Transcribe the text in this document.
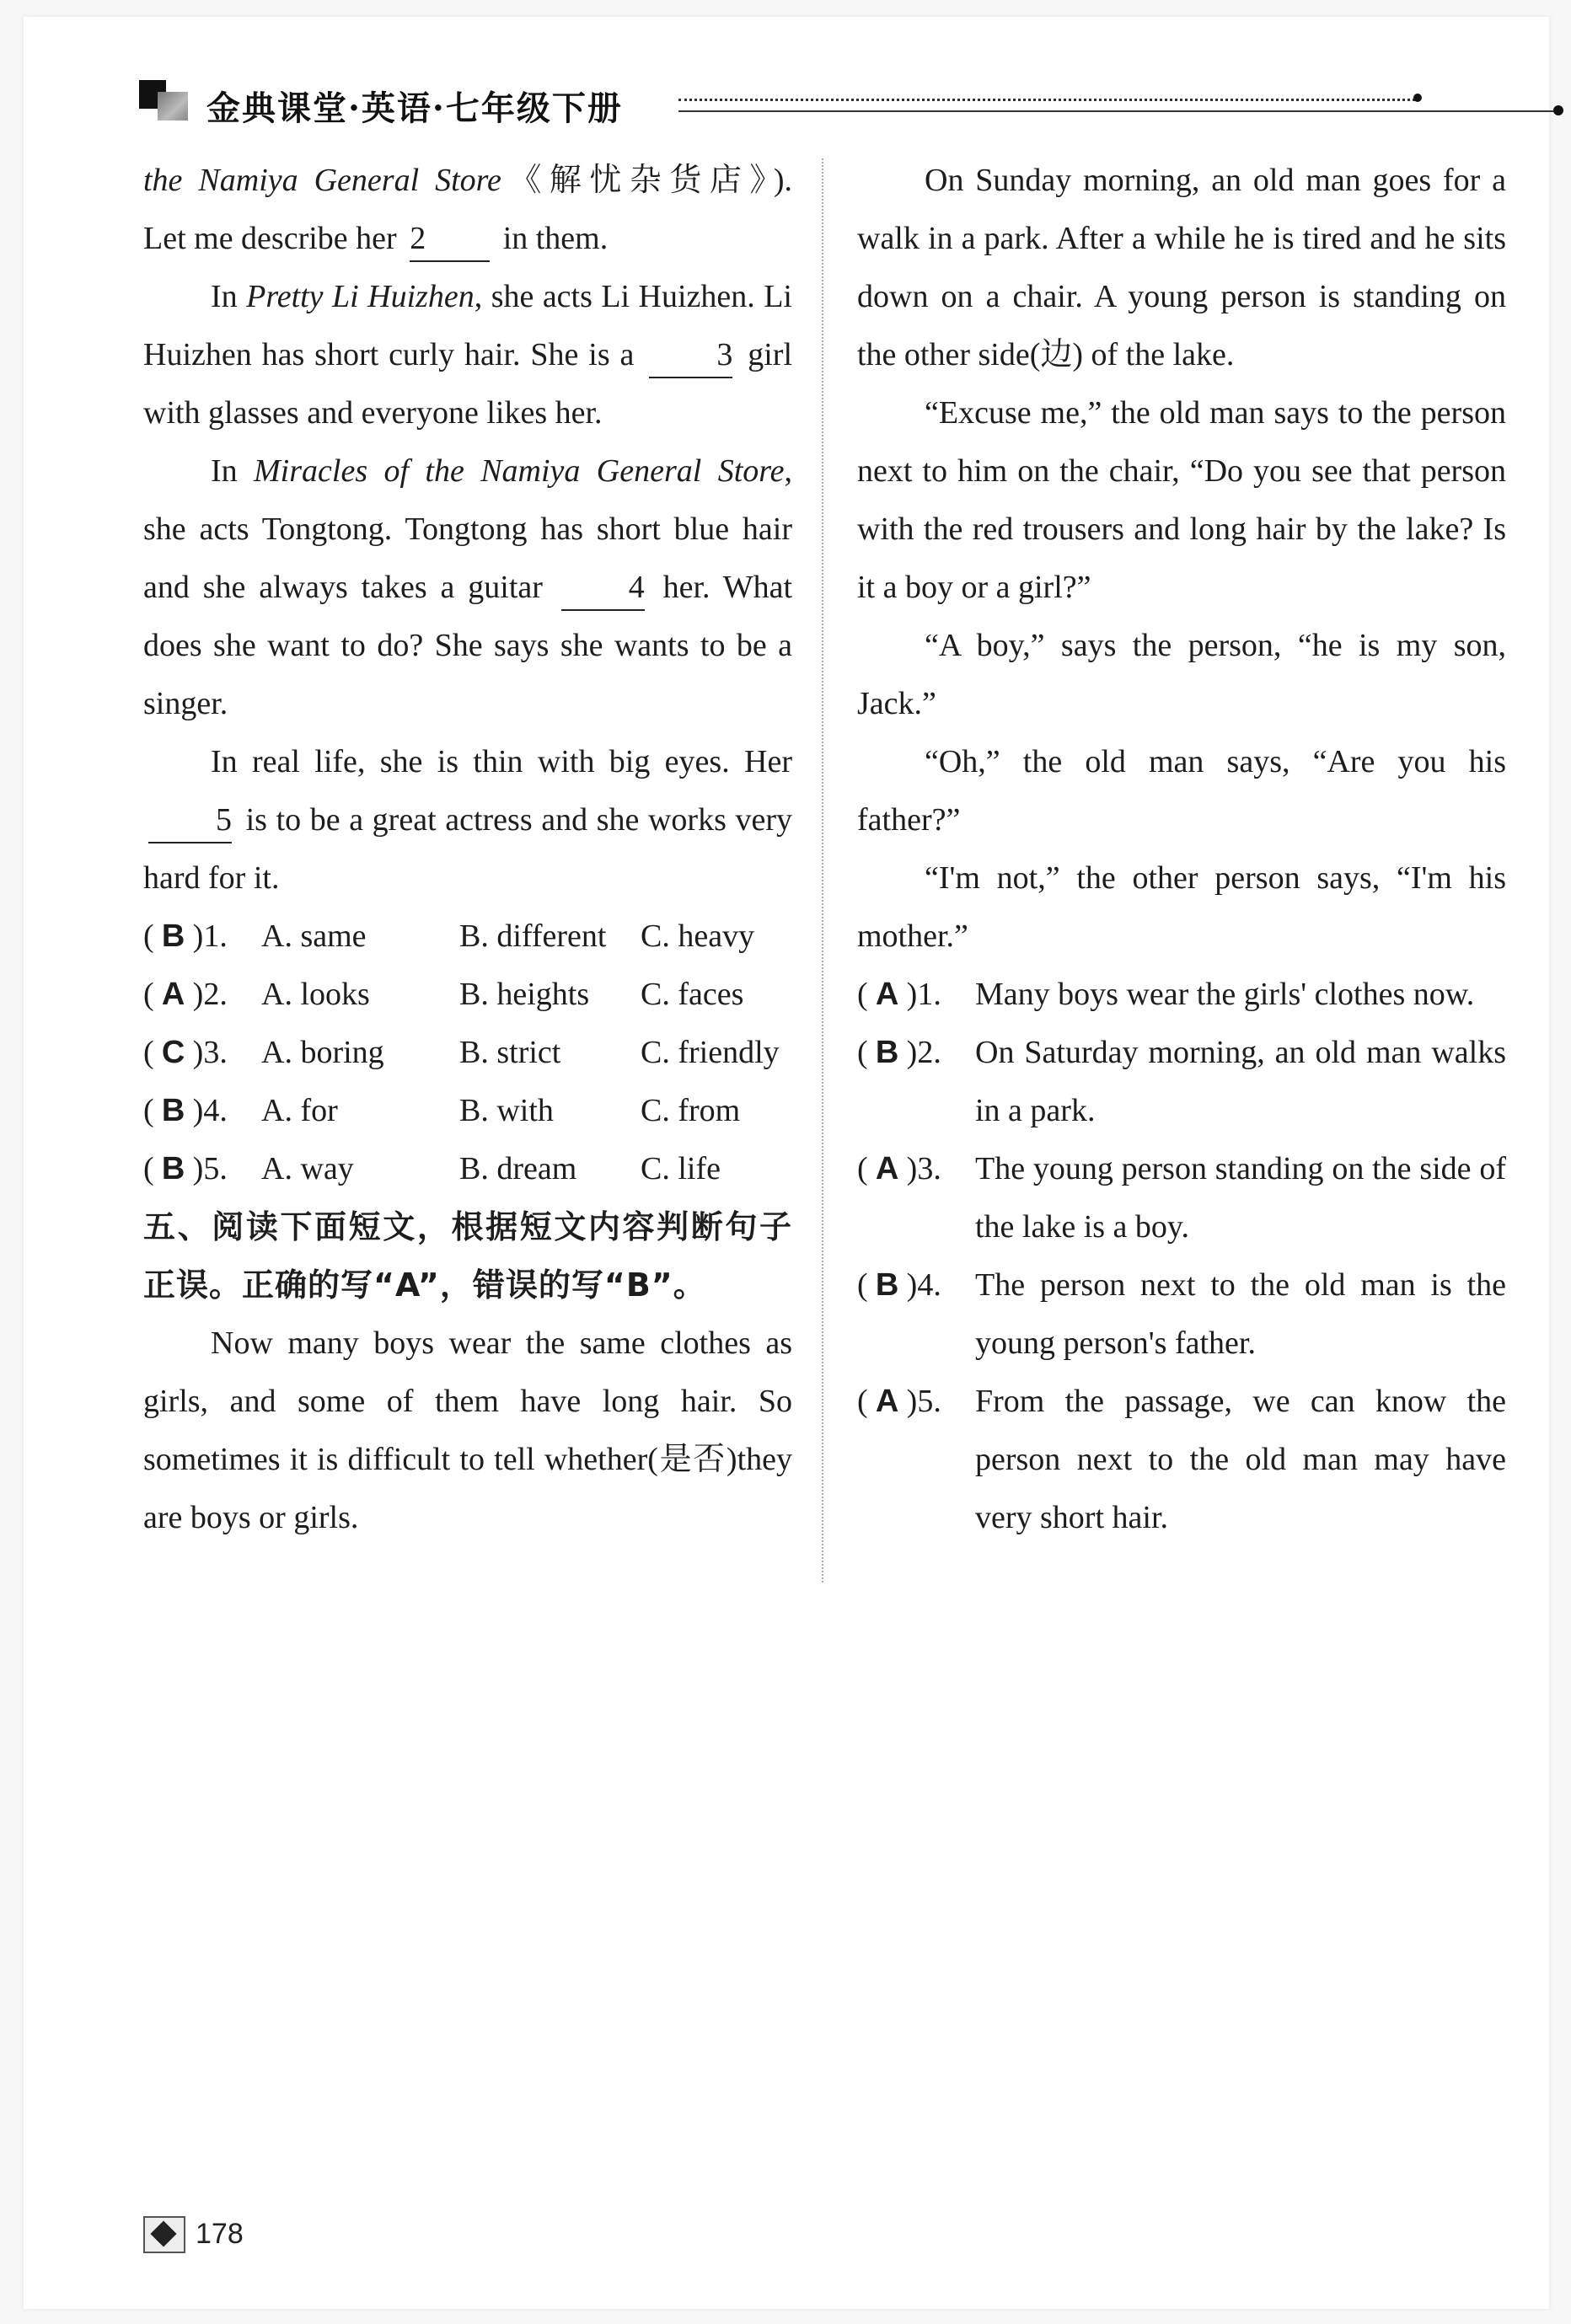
金典课堂·英语·七年级下册

the Namiya General Store《解忧杂货店》).

Let me describe her 2 in them.

In Pretty Li Huizhen, she acts Li Huizhen. Li Huizhen has short curly hair. She is a	3 girl with glasses and everyone likes her.

In Miracles of the Namiya General Store, she acts Tongtong. Tongtong has short blue hair and she always takes a guitar	4 her. What does she want to do? She says she wants to be a singer.

In real life, she is thin with big eyes. Her 5 is to be a great actress and she works very hard for it.

( B )1.	A. same	B. different	C. heavy
( A )2.	A. looks	B. heights	C. faces
( C )3.	A. boring	B. strict	C. friendly
( B )4.	A. for	B. with	C. from
( B )5.	A. way	B. dream	C. life

五、阅读下面短文，根据短文内容判断句子正误。正确的写“A”，错误的写“B”。

Now many boys wear the same clothes as girls, and some of them have long hair. So sometimes it is difficult to tell whether(是否)they are boys or girls.

On Sunday morning, an old man goes for a walk in a park. After a while he is tired and he sits down on a chair. A young person is standing on the other side(边) of the lake.

“Excuse me,” the old man says to the person next to him on the chair, “Do you see that person with the red trousers and long hair by the lake? Is it a boy or a girl?”

“A boy,” says the person, “he is my son, Jack.”

“Oh,” the old man says, “Are you his father?”

“I'm not,” the other person says, “I'm his mother.”

( A )1.	Many boys wear the girls' clothes now.
( B )2.	On Saturday morning, an old man walks in a park.
( A )3.	The young person standing on the side of the lake is a boy.
( B )4.	The person next to the old man is the young person's father.
( A )5.	From the passage, we can know the person next to the old man may have very short hair.
178
